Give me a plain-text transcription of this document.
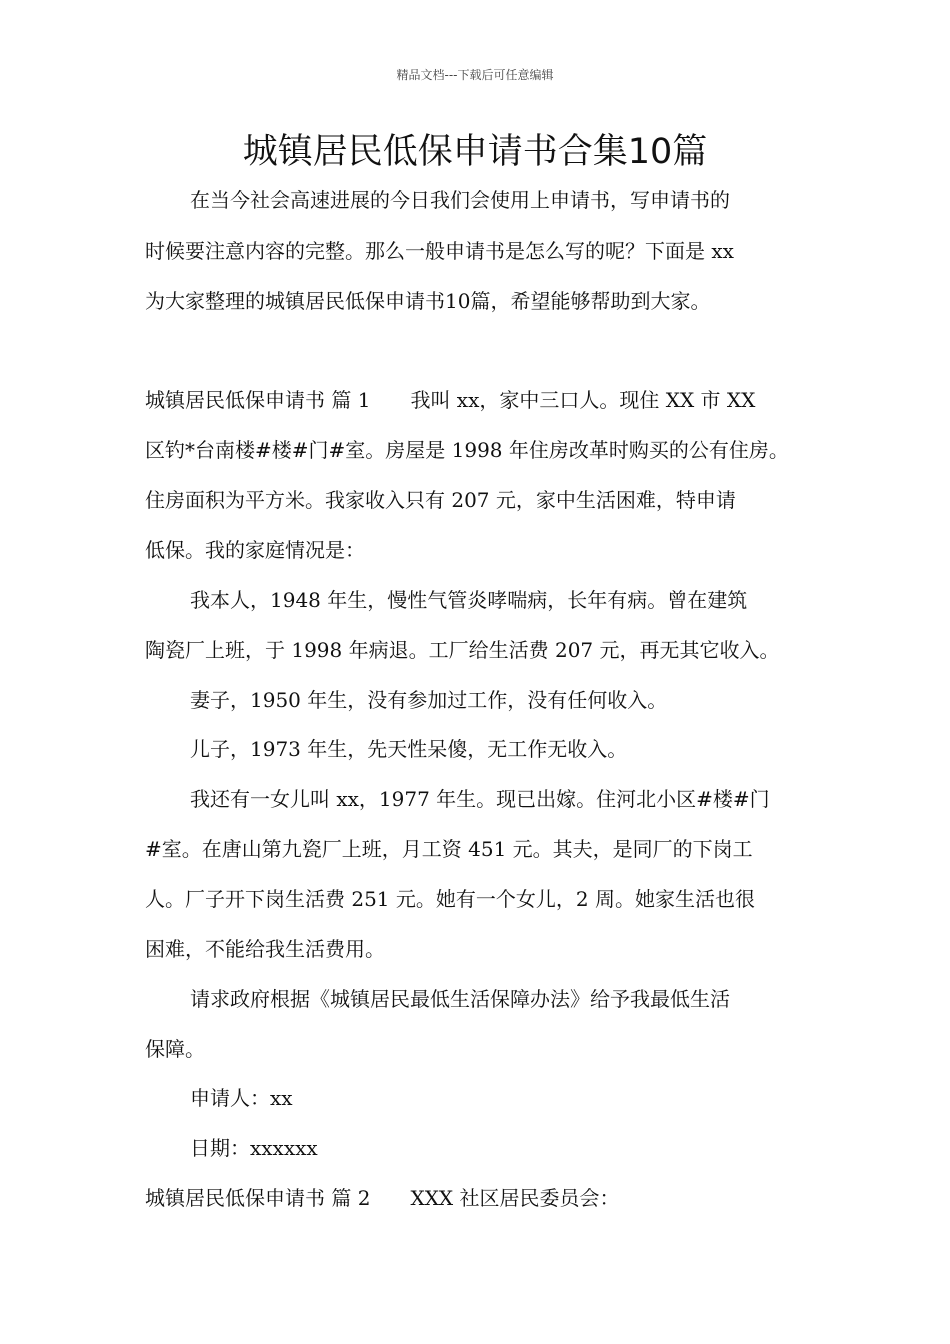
精品文档---下载后可任意编辑
城镇居民低保申请书合集10篇
在当今社会高速进展的今日我们会使用上申请书，写申请书的
时候要注意内容的完整。那么一般申请书是怎么写的呢？下面是 xx
为大家整理的城镇居民低保申请书10篇，希望能够帮助到大家。
城镇居民低保申请书 篇 1 我叫 xx，家中三口人。现住 XX 市 XX
区钓*台南楼#楼#门#室。房屋是 1998 年住房改革时购买的公有住房。
住房面积为平方米。我家收入只有 207 元，家中生活困难，特申请
低保。我的家庭情况是：
我本人，1948 年生，慢性气管炎哮喘病，长年有病。曾在建筑
陶瓷厂上班，于 1998 年病退。工厂给生活费 207 元，再无其它收入。
妻子，1950 年生，没有参加过工作，没有任何收入。
儿子，1973 年生，先天性呆傻，无工作无收入。
我还有一女儿叫 xx，1977 年生。现已出嫁。住河北小区#楼#门
#室。在唐山第九瓷厂上班，月工资 451 元。其夫，是同厂的下岗工
人。厂子开下岗生活费 251 元。她有一个女儿，2 周。她家生活也很
困难，不能给我生活费用。
请求政府根据《城镇居民最低生活保障办法》给予我最低生活
保障。
申请人：xx
日期：xxxxxx
城镇居民低保申请书 篇 2 XXX 社区居民委员会：
